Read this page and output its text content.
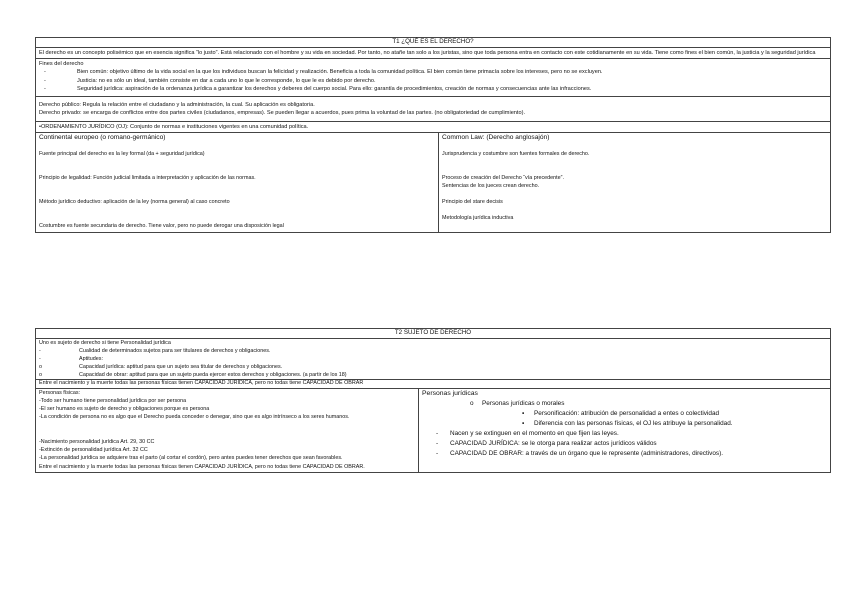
T1 ¿QUÉ ES EL DERECHO?
El derecho es un concepto polisémico que en esencia significa “lo justo”. Está relacionado con el hombre y su vida en sociedad. Por tanto, no atañe tan solo a los juristas, sino que toda persona entra en contacto con este cotidianamente en su vida. Tiene como fines el bien común, la justicia y la seguridad jurídica

Fines del derecho

- Bien común: objetivo último de la vida social en la que los individuos buscan la felicidad y realización. Beneficia a toda la comunidad política. El bien común tiene primacía sobre los intereses, pero no se excluyen.
- Justicia: no es sólo un ideal, también consiste en dar a cada uno lo que le corresponde, lo que le es debido por derecho.
- Seguridad jurídica: aspiración de la ordenanza jurídica a garantizar los derechos y deberes del cuerpo social. Para ello: garantía de procedimientos, creación de normas y consecuencias ante las infracciones.

Derecho público: Regula la relación entre el ciudadano y la administración, la cual. Su aplicación es obligatoria.

Derecho privado: se encarga de conflictos entre dos partes civiles (ciudadanos, empresas). Se pueden llegar a acuerdos, pues prima la voluntad de las partes. (no obligatoriedad de cumplimiento).

•ORDENAMIENTO JURÍDICO (OJ): Conjunto de normas e instituciones vigentes en una comunidad política.
Continental europeo (o romano-germánico)

Fuente principal del derecho es la ley formal (da + seguridad jurídica)

Principio de legalidad: Función judicial limitada a interpretación y aplicación de las normas.

Método jurídico deductivo: aplicación de la ley (norma general) al caso concreto

Costumbre es fuente secundaria de derecho. Tiene valor, pero no puede derogar una disposición legal

Common Law: (Derecho anglosajón)

Jurisprudencia y costumbre son fuentes formales de derecho.

Proceso de creación del Derecho “vía precedente”.

Sentencias de los jueces crean derecho.

Principio del stare decisis

Metodología jurídica inductiva

T2 SUJETO DE DERECHO

Uno es sujeto de derecho si tiene Personalidad jurídica

-	Cualidad de determinados sujetos para ser titulares de derechos y obligaciones.

-	Aptitudes:

o	Capacidad jurídica: aptitud para que un sujeto sea titular de derechos y obligaciones.

o	Capacidad de obrar: aptitud para que un sujeto pueda ejercer estos derechos y obligaciones. (a partir de los 18)

Entre el nacimiento y la muerte todas las personas físicas tienen CAPACIDAD JURÍDICA, pero no todas tiene CAPACIDAD DE OBRAR

Personas físicas:

-Todo ser humano tiene personalidad jurídica por ser persona

-El ser humano es sujeto de derecho y obligaciones porque es persona

-La condición de persona no es algo que el Derecho pueda conceder o denegar, sino que es algo intrínseco a los seres humanos.

-Nacimiento personalidad jurídica Art. 29, 30 CC

-Extinción de personalidad jurídica Art. 32 CC

-La personalidad jurídica se adquiere tras el parto (al cortar el cordón), pero antes puedes tener derechos que sean favorables.

Entre el nacimiento y la muerte todas las personas físicas tienen CAPACIDAD JURÍDICA, pero no todas tiene CAPACIDAD DE OBRAR.

Personas jurídicas

o Personas jurídicas o morales

▪ Personificación: atribución de personalidad a entes o colectividad

▪ Diferencia con las personas físicas, el OJ les atribuye la personalidad.

- Nacen y se extinguen en el momento en que fijen las leyes.

- CAPACIDAD JURÍDICA: se le otorga para realizar actos jurídicos válidos

- CAPACIDAD DE OBRAR: a través de un órgano que le represente (administradores, directivos).
